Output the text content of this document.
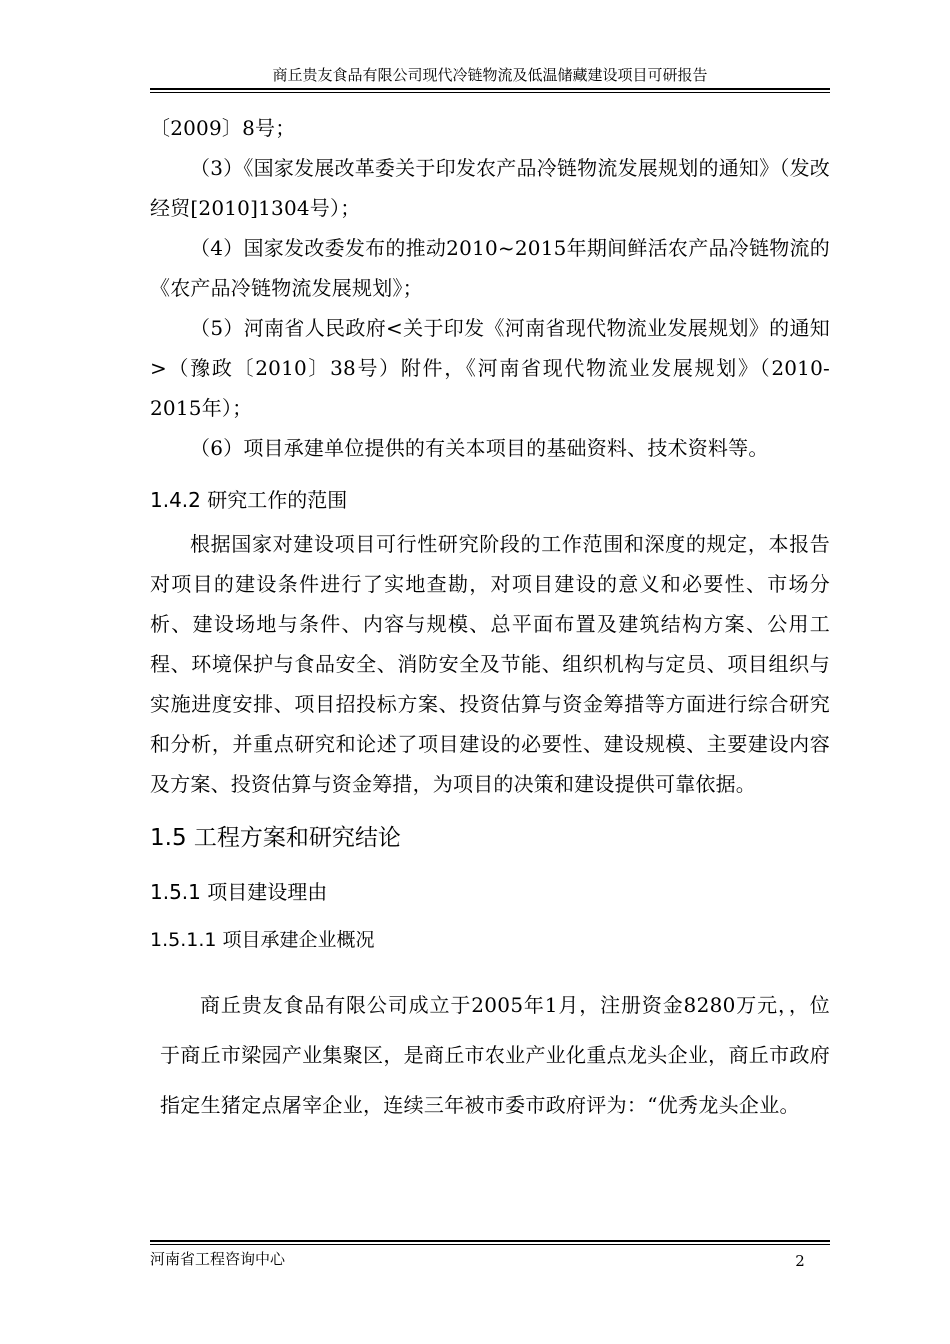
商丘贵友食品有限公司现代冷链物流及低温储藏建设项目可研报告

〔2009〕8号；

（3）《国家发展改革委关于印发农产品冷链物流发展规划的通知》（发改经贸[2010]1304号）；

（4）国家发改委发布的推动2010~2015年期间鲜活农产品冷链物流的《农产品冷链物流发展规划》；

（5）河南省人民政府<关于印发《河南省现代物流业发展规划》的通知>（豫政〔2010〕38号）附件，《河南省现代物流业发展规划》（2010-2015年）；

（6）项目承建单位提供的有关本项目的基础资料、技术资料等。

1.4.2 研究工作的范围

根据国家对建设项目可行性研究阶段的工作范围和深度的规定，本报告对项目的建设条件进行了实地查勘，对项目建设的意义和必要性、市场分析、建设场地与条件、内容与规模、总平面布置及建筑结构方案、公用工程、环境保护与食品安全、消防安全及节能、组织机构与定员、项目组织与实施进度安排、项目招投标方案、投资估算与资金筹措等方面进行综合研究和分析，并重点研究和论述了项目建设的必要性、建设规模、主要建设内容及方案、投资估算与资金筹措，为项目的决策和建设提供可靠依据。

1.5 工程方案和研究结论
1.5.1 项目建设理由
1.5.1.1 项目承建企业概况

商丘贵友食品有限公司成立于2005年1月，注册资金8280万元，，位于商丘市梁园产业集聚区，是商丘市农业产业化重点龙头企业，商丘市政府指定生猪定点屠宰企业，连续三年被市委市政府评为：“优秀龙头企业。

河南省工程咨询中心	2
